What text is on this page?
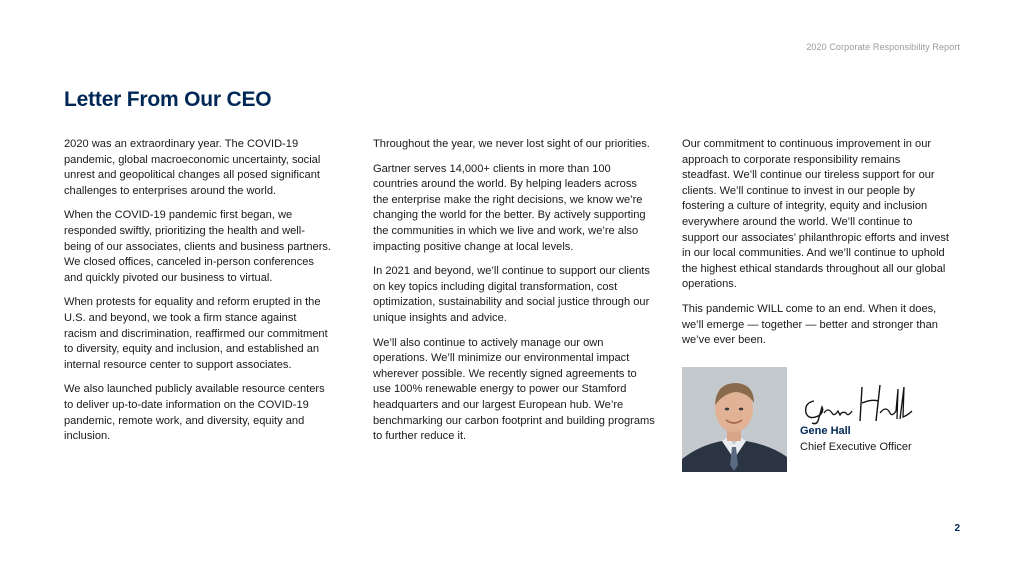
2020 Corporate Responsibility Report
Letter From Our CEO

2020 was an extraordinary year. The COVID-19 pandemic, global macroeconomic uncertainty, social unrest and geopolitical changes all posed significant challenges to enterprises around the world.

When the COVID-19 pandemic first began, we responded swiftly, prioritizing the health and well-being of our associates, clients and business partners. We closed offices, canceled in-person conferences and quickly pivoted our business to virtual.

When protests for equality and reform erupted in the U.S. and beyond, we took a firm stance against racism and discrimination, reaffirmed our commitment to diversity, equity and inclusion, and established an internal resource center to support associates.

We also launched publicly available resource centers to deliver up-to-date information on the COVID-19 pandemic, remote work, and diversity, equity and inclusion.

Throughout the year, we never lost sight of our priorities.

Gartner serves 14,000+ clients in more than 100 countries around the world. By helping leaders across the enterprise make the right decisions, we know we’re changing the world for the better. By actively supporting the communities in which we live and work, we’re also impacting positive change at local levels.

In 2021 and beyond, we’ll continue to support our clients on key topics including digital transformation, cost optimization, sustainability and social justice through our unique insights and advice.

We’ll also continue to actively manage our own operations. We’ll minimize our environmental impact wherever possible. We recently signed agreements to use 100% renewable energy to power our Stamford headquarters and our largest European hub. We’re benchmarking our carbon footprint and building programs to further reduce it.

Our commitment to continuous improvement in our approach to corporate responsibility remains steadfast. We’ll continue our tireless support for our clients. We’ll continue to invest in our people by fostering a culture of integrity, equity and inclusion everywhere around the world. We’ll continue to support our associates’ philanthropic efforts and invest in our local communities. And we’ll continue to uphold the highest ethical standards throughout all our global operations.

This pandemic WILL come to an end. When it does, we’ll emerge — together — better and stronger than we’ve ever been.

Gene Hall
Chief Executive Officer
2
